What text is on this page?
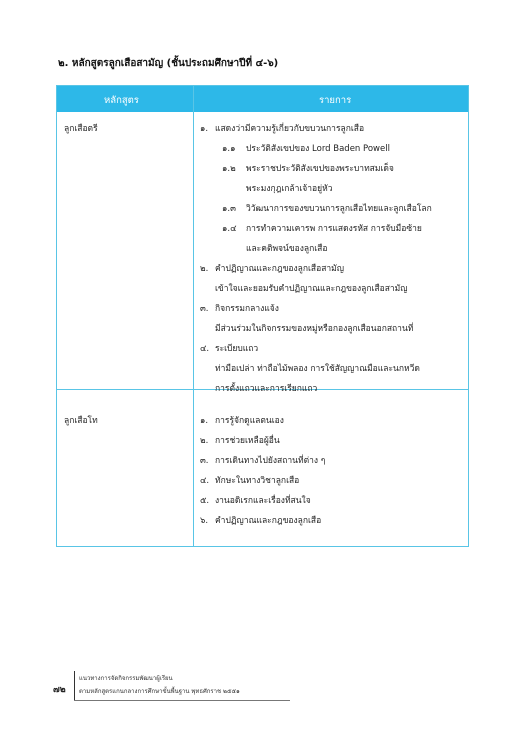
๒. หลักสูตรลูกเสือสามัญ (ชั้นประถมศึกษาปีที่ ๔-๖)
หลักสูตร	รายการ
ลูกเสือตรี	๑. แสดงว่ามีความรู้เกี่ยวกับขบวนการลูกเสือ
๑.๑ ประวัติสังเขปของ Lord Baden Powell
๑.๒ พระราชประวัติสังเขปของพระบาทสมเด็จ
พระมงกุฎเกล้าเจ้าอยู่หัว
๑.๓ วิวัฒนาการของขบวนการลูกเสือไทยและลูกเสือโลก
๑.๔ การทำความเคารพ การแสดงรหัส การจับมือซ้าย
และคติพจน์ของลูกเสือ
๒. คำปฏิญาณและกฎของลูกเสือสามัญ
เข้าใจและยอมรับคำปฏิญาณและกฎของลูกเสือสามัญ
๓. กิจกรรมกลางแจ้ง
มีส่วนร่วมในกิจกรรมของหมู่หรือกองลูกเสือนอกสถานที่
๔. ระเบียบแถว
ท่ามือเปล่า ท่าถือไม้พลอง การใช้สัญญาณมือและนกหวีด
การตั้งแถวและการเรียกแถว
ลูกเสือโท	๑. การรู้จักดูแลตนเอง
๒. การช่วยเหลือผู้อื่น
๓. การเดินทางไปยังสถานที่ต่าง ๆ
๔. ทักษะในทางวิชาลูกเสือ
๕. งานอดิเรกและเรื่องที่สนใจ
๖. คำปฏิญาณและกฎของลูกเสือ
๗๒
แนวทางการจัดกิจกรรมพัฒนาผู้เรียน
ตามหลักสูตรแกนกลางการศึกษาขั้นพื้นฐาน พุทธศักราช ๒๕๕๑
